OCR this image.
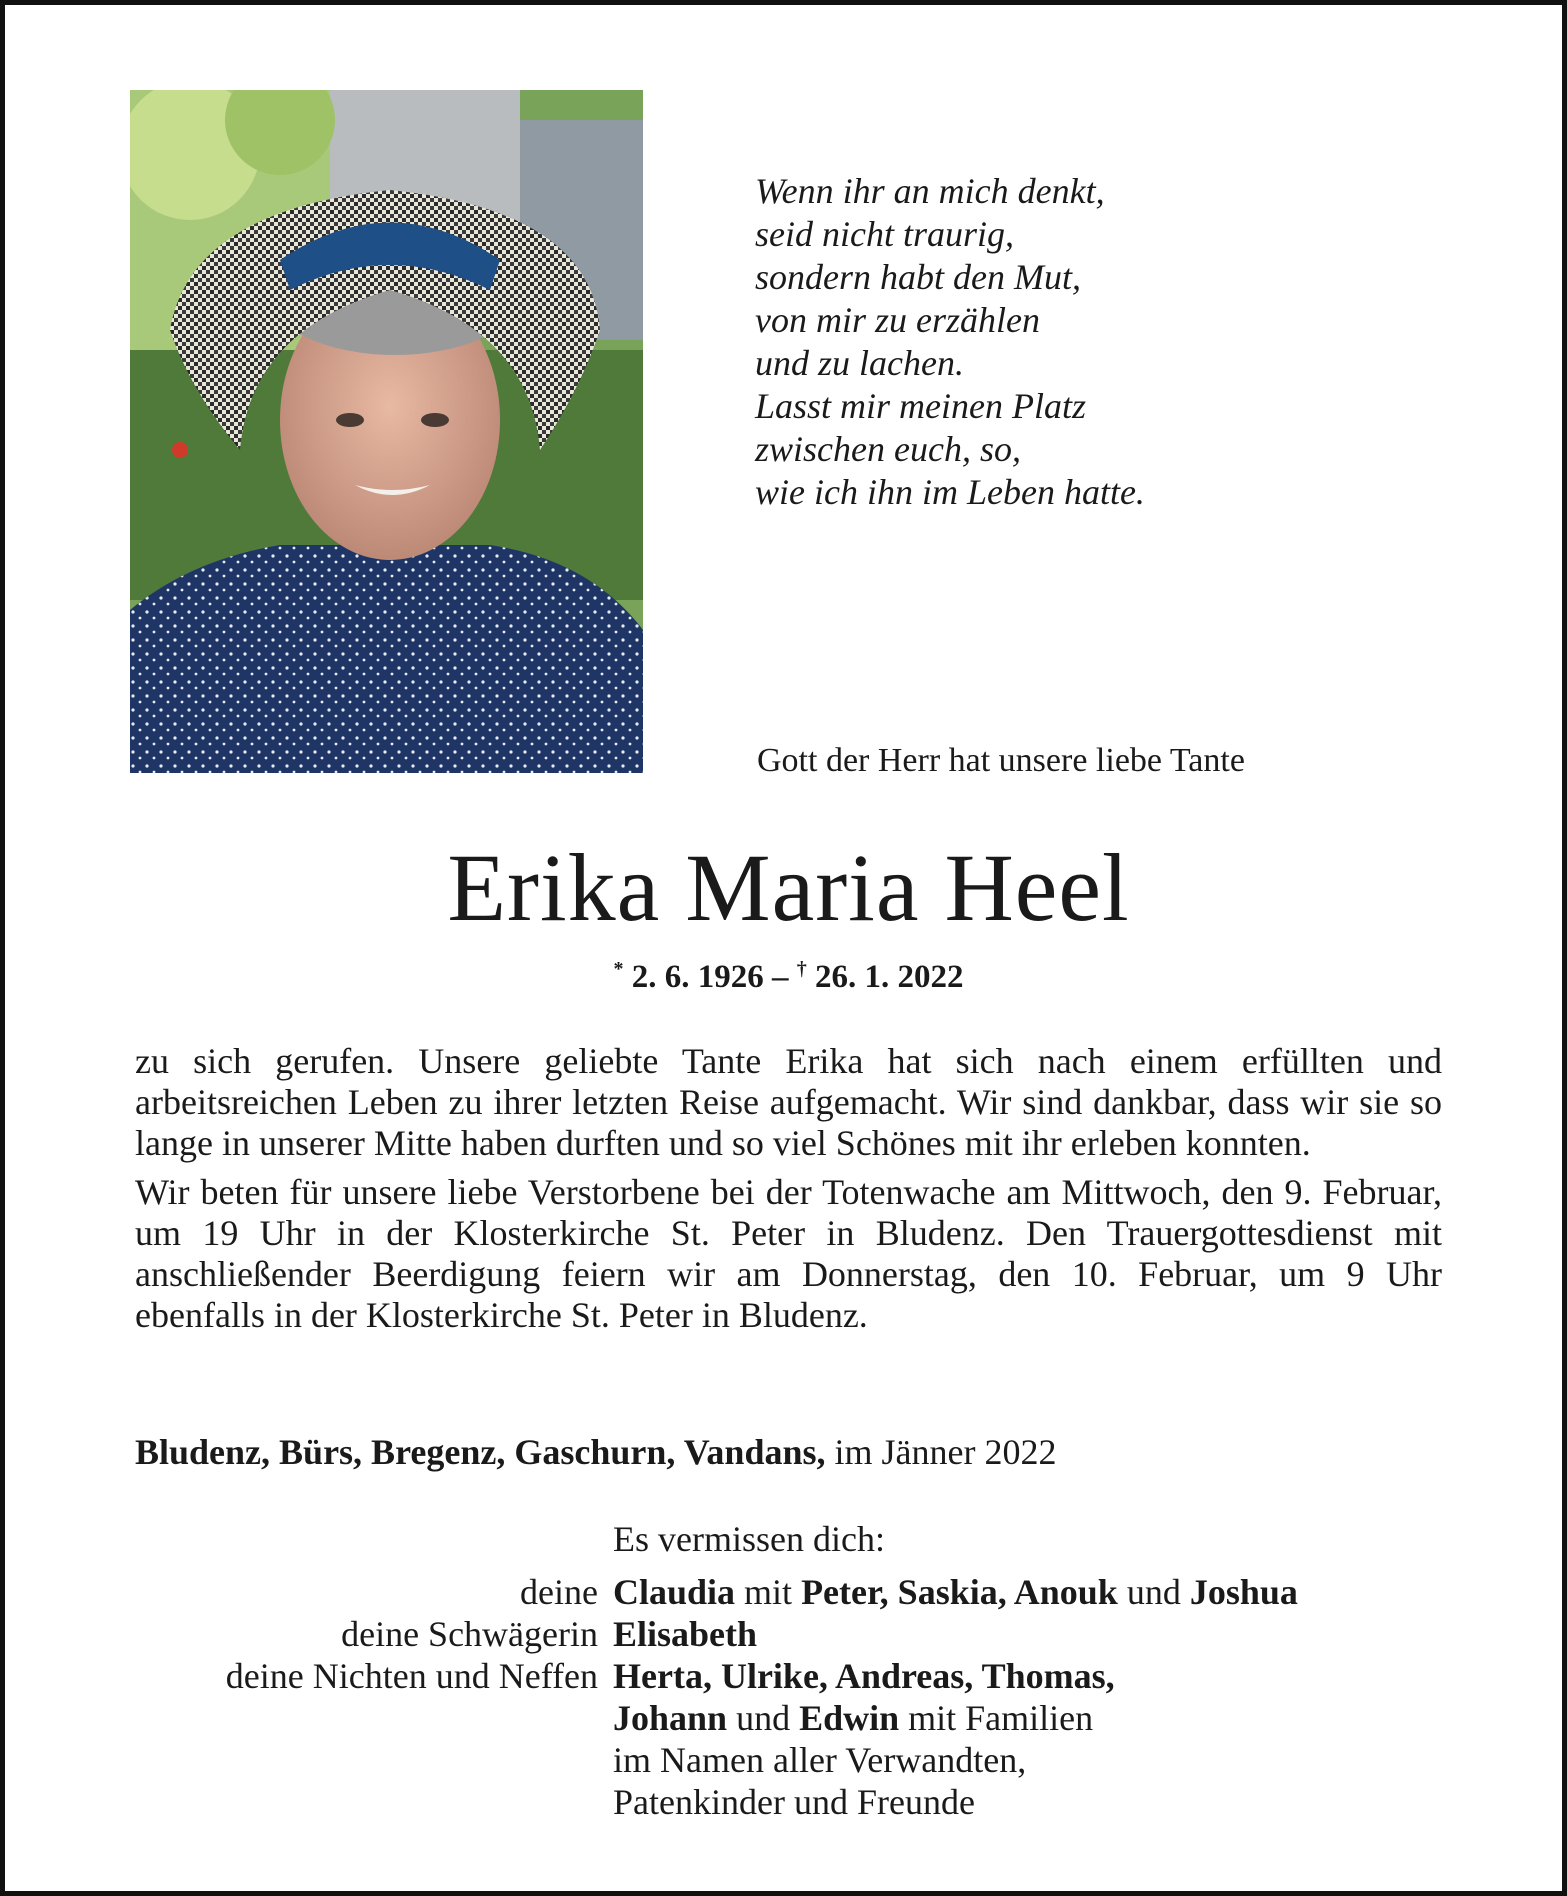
Wenn ihr an mich denkt,
seid nicht traurig,
sondern habt den Mut,
von mir zu erzählen
und zu lachen.
Lasst mir meinen Platz
zwischen euch, so,
wie ich ihn im Leben hatte.
Gott der Herr hat unsere liebe Tante
Erika Maria Heel
* 2. 6. 1926 – † 26. 1. 2022

zu sich gerufen. Unsere geliebte Tante Erika hat sich nach einem erfüllten und arbeitsreichen Leben zu ihrer letzten Reise aufgemacht. Wir sind dankbar, dass wir sie so lange in unserer Mitte haben durften und so viel Schönes mit ihr erleben konnten.

Wir beten für unsere liebe Verstorbene bei der Totenwache am Mittwoch, den 9. Februar, um 19 Uhr in der Klosterkirche St. Peter in Bludenz. Den Trauergottesdienst mit anschließender Beerdigung feiern wir am Donnerstag, den 10. Februar, um 9 Uhr ebenfalls in der Klosterkirche St. Peter in Bludenz.

Bludenz, Bürs, Bregenz, Gaschurn, Vandans, im Jänner 2022
Es vermissen dich:
deine Claudia mit Peter, Saskia, Anouk und Joshua
deine Schwägerin Elisabeth
deine Nichten und Neffen Herta, Ulrike, Andreas, Thomas,
Johann und Edwin mit Familien
im Namen aller Verwandten,
Patenkinder und Freunde
